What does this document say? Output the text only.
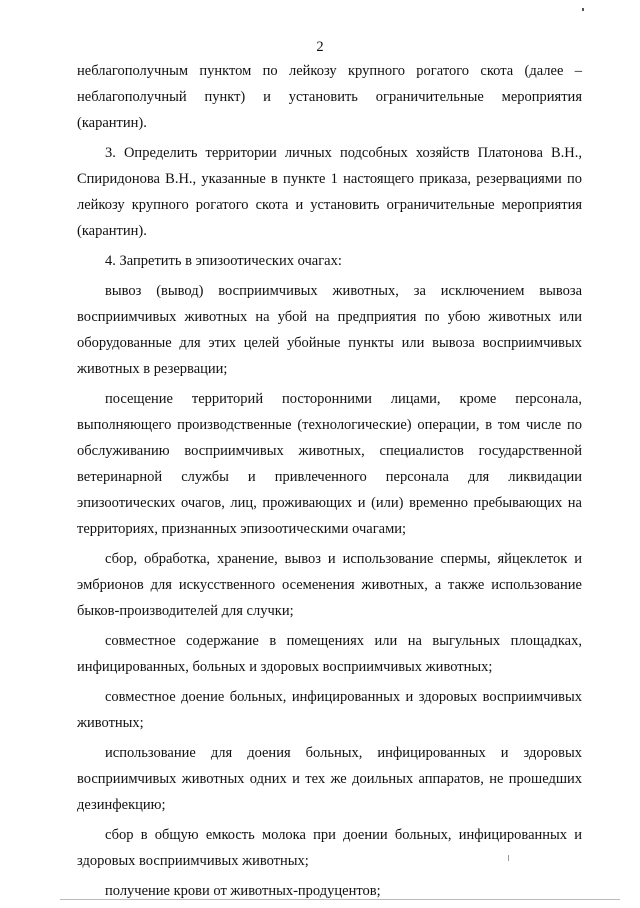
2

неблагополучным пунктом по лейкозу крупного рогатого скота (далее – неблагополучный пункт) и установить ограничительные мероприятия (карантин).

3. Определить территории личных подсобных хозяйств Платонова В.Н., Спиридонова В.Н., указанные в пункте 1 настоящего приказа, резервациями по лейкозу крупного рогатого скота и установить ограничительные мероприятия (карантин).

4. Запретить в эпизоотических очагах:

вывоз (вывод) восприимчивых животных, за исключением вывоза восприимчивых животных на убой на предприятия по убою животных или оборудованные для этих целей убойные пункты или вывоза восприимчивых животных в резервации;

посещение территорий посторонними лицами, кроме персонала, выполняющего производственные (технологические) операции, в том числе по обслуживанию восприимчивых животных, специалистов государственной ветеринарной службы и привлеченного персонала для ликвидации эпизоотических очагов, лиц, проживающих и (или) временно пребывающих на территориях, признанных эпизоотическими очагами;

сбор, обработка, хранение, вывоз и использование спермы, яйцеклеток и эмбрионов для искусственного осеменения животных, а также использование быков-производителей для случки;

совместное содержание в помещениях или на выгульных площадках, инфицированных, больных и здоровых восприимчивых животных;

совместное доение больных, инфицированных и здоровых восприимчивых животных;

использование для доения больных, инфицированных и здоровых восприимчивых животных одних и тех же доильных аппаратов, не прошедших дезинфекцию;

сбор в общую емкость молока при доении больных, инфицированных и здоровых восприимчивых животных;

получение крови от животных-продуцентов;
